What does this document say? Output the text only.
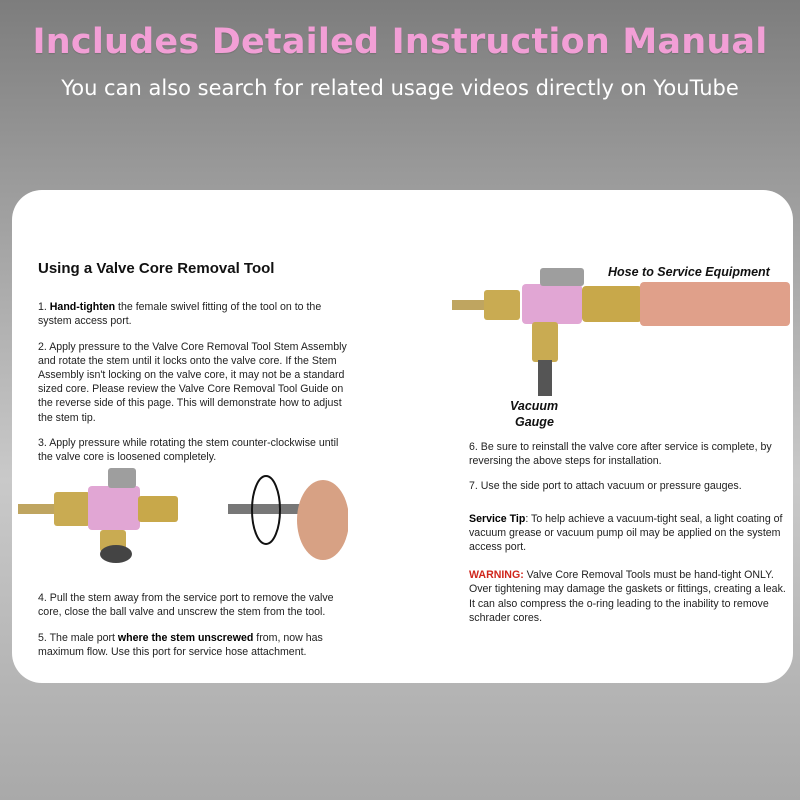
Includes Detailed Instruction Manual
You can also search for related usage videos directly on YouTube
Using a Valve Core Removal Tool

1. Hand-tighten the female swivel fitting of the tool on to the system access port.

2. Apply pressure to the Valve Core Removal Tool Stem Assembly and rotate the stem until it locks onto the valve core. If the Stem Assembly isn't locking on the valve core, it may not be a standard sized core. Please review the Valve Core Removal Tool Guide on the reverse side of this page. This will demonstrate how to adjust the stem tip.

3. Apply pressure while rotating the stem counter-clockwise until the valve core is loosened completely.

4. Pull the stem away from the service port to remove the valve core, close the ball valve and unscrew the stem from the tool.

5. The male port where the stem unscrewed from, now has maximum flow. Use this port for service hose attachment.

6. Be sure to reinstall the valve core after service is complete, by reversing the above steps for installation.

7. Use the side port to attach vacuum or pressure gauges.

Service Tip: To help achieve a vacuum-tight seal, a light coating of vacuum grease or vacuum pump oil may be applied on the system access port.

WARNING: Valve Core Removal Tools must be hand-tight ONLY. Over tightening may damage the gaskets or fittings, creating a leak. It can also compress the o-ring leading to the inability to remove schrader cores.

Hose to Service Equipment
Vacuum
Gauge
